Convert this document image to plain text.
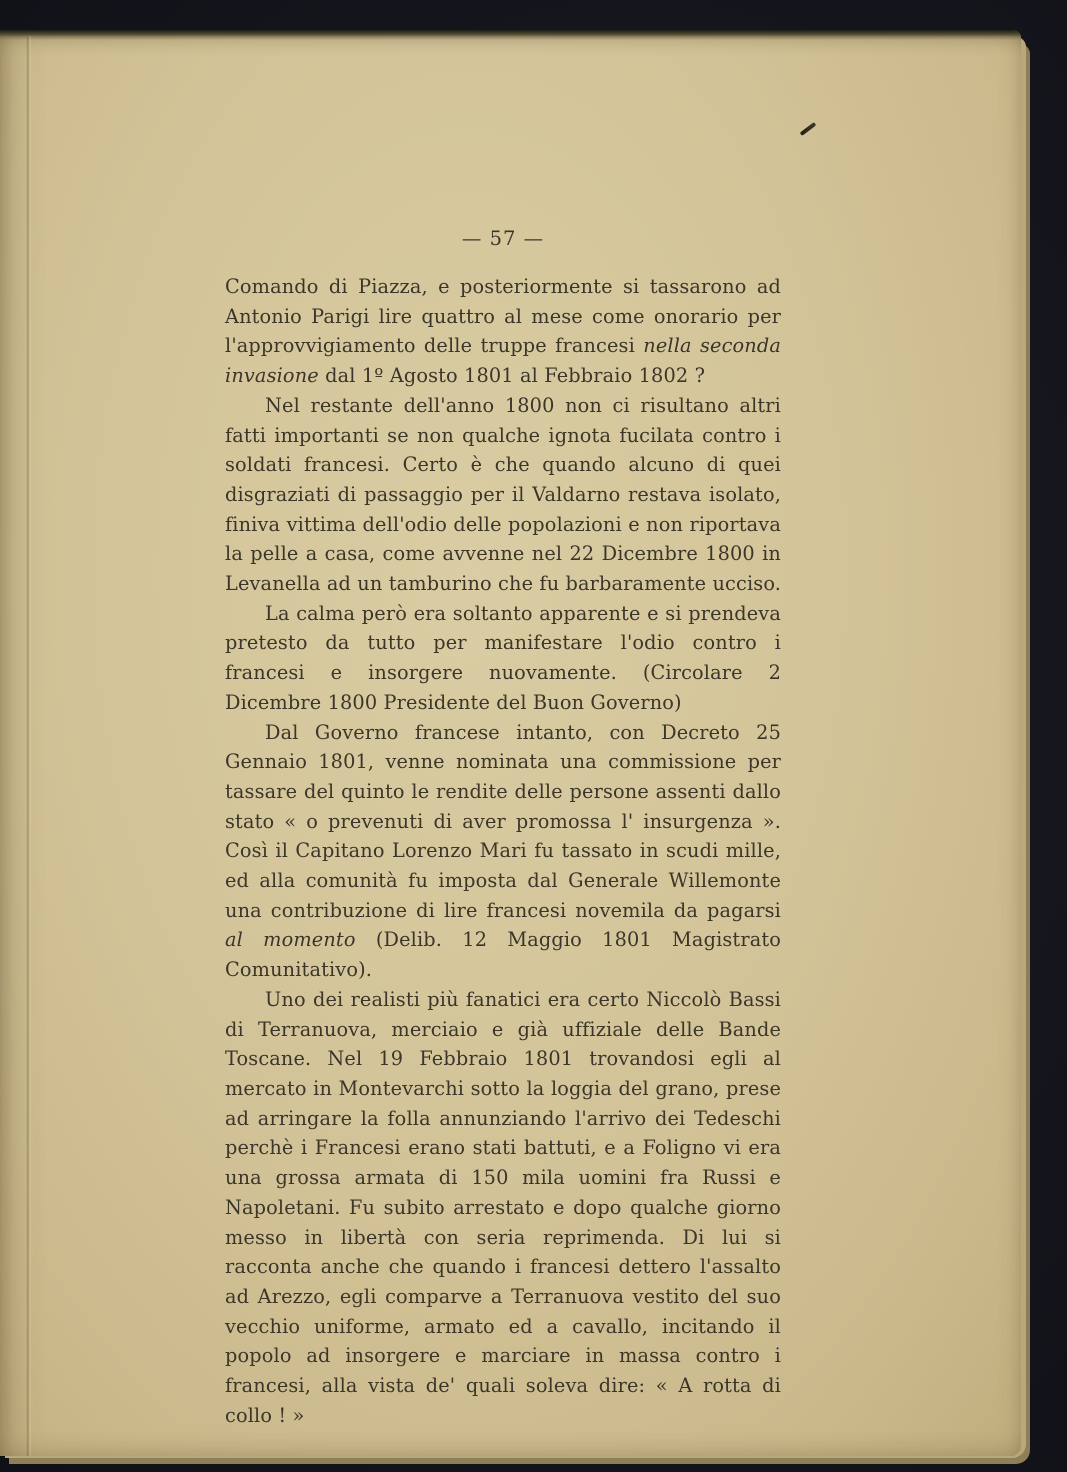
— 57 —

Comando di Piazza, e posteriormente si tassarono ad Antonio Parigi lire quattro al mese come onorario per l'approvvigiamento delle truppe francesi nella seconda invasione dal 1º Agosto 1801 al Febbraio 1802 ?

Nel restante dell'anno 1800 non ci risultano altri fatti importanti se non qualche ignota fucilata contro i soldati francesi. Certo è che quando alcuno di quei disgraziati di passaggio per il Valdarno restava isolato, finiva vittima dell'odio delle popolazioni e non riportava la pelle a casa, come avvenne nel 22 Dicembre 1800 in Levanella ad un tamburino che fu barbaramente ucciso.

La calma però era soltanto apparente e si prendeva pretesto da tutto per manifestare l'odio contro i francesi e insorgere nuovamente. (Circolare 2 Dicembre 1800 Presidente del Buon Governo)

Dal Governo francese intanto, con Decreto 25 Gennaio 1801, venne nominata una commissione per tassare del quinto le rendite delle persone assenti dallo stato « o prevenuti di aver promossa l' insurgenza ». Così il Capitano Lorenzo Mari fu tassato in scudi mille, ed alla comunità fu imposta dal Generale Willemonte una contribuzione di lire francesi novemila da pagarsi al momento (Delib. 12 Maggio 1801 Magistrato Comunitativo).

Uno dei realisti più fanatici era certo Niccolò Bassi di Terranuova, merciaio e già uffiziale delle Bande Toscane. Nel 19 Febbraio 1801 trovandosi egli al mercato in Montevarchi sotto la loggia del grano, prese ad arringare la folla annunziando l'arrivo dei Tedeschi perchè i Francesi erano stati battuti, e a Foligno vi era una grossa armata di 150 mila uomini fra Russi e Napoletani. Fu subito arrestato e dopo qualche giorno messo in libertà con seria reprimenda. Di lui si racconta anche che quando i francesi dettero l'assalto ad Arezzo, egli comparve a Terranuova vestito del suo vecchio uniforme, armato ed a cavallo, incitando il popolo ad insorgere e marciare in massa contro i francesi, alla vista de' quali soleva dire: « A rotta di collo ! »
